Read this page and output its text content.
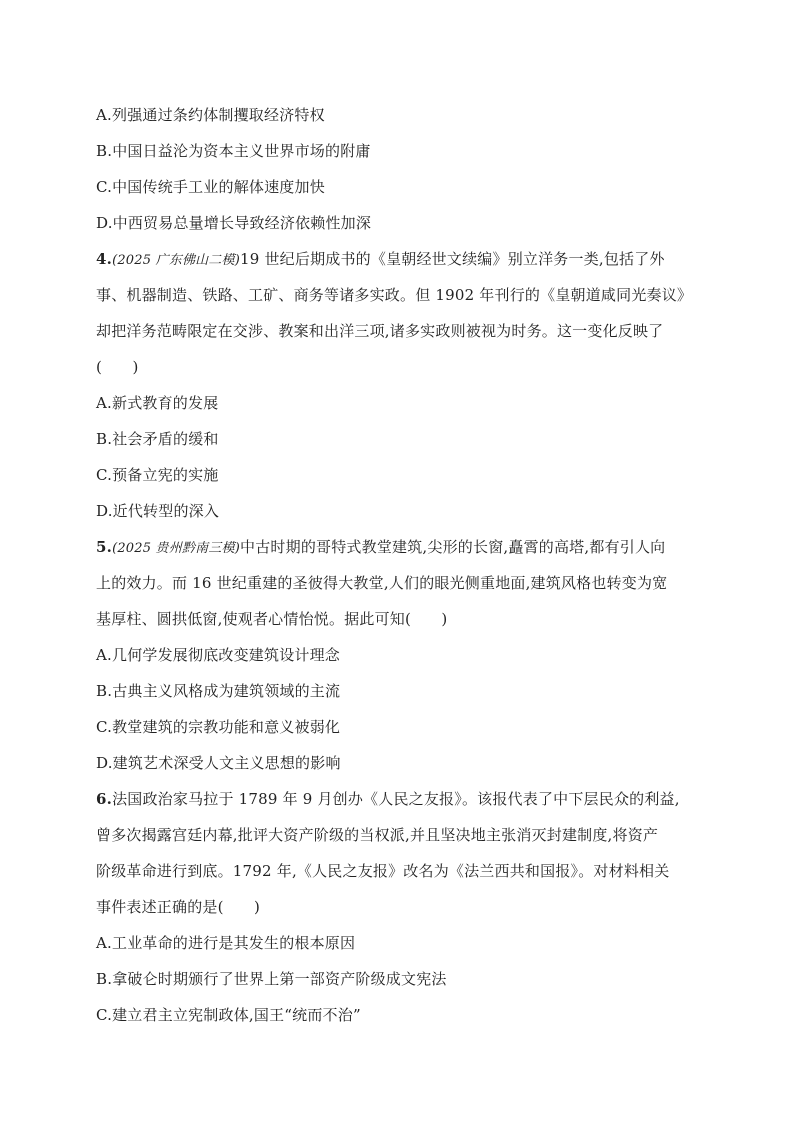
A.列强通过条约体制攫取经济特权
B.中国日益沦为资本主义世界市场的附庸
C.中国传统手工业的解体速度加快
D.中西贸易总量增长导致经济依赖性加深
4.(2025 广东佛山二模)19 世纪后期成书的《皇朝经世文续编》别立洋务一类,包括了外
事、机器制造、铁路、工矿、商务等诸多实政。但 1902 年刊行的《皇朝道咸同光奏议》
却把洋务范畴限定在交涉、教案和出洋三项,诸多实政则被视为时务。这一变化反映了
(　　)
A.新式教育的发展
B.社会矛盾的缓和
C.预备立宪的实施
D.近代转型的深入
5.(2025 贵州黔南三模)中古时期的哥特式教堂建筑,尖形的长窗,矗霄的高塔,都有引人向
上的效力。而 16 世纪重建的圣彼得大教堂,人们的眼光侧重地面,建筑风格也转变为宽
基厚柱、圆拱低窗,使观者心情怡悦。据此可知(　　)
A.几何学发展彻底改变建筑设计理念
B.古典主义风格成为建筑领域的主流
C.教堂建筑的宗教功能和意义被弱化
D.建筑艺术深受人文主义思想的影响
6.法国政治家马拉于 1789 年 9 月创办《人民之友报》。该报代表了中下层民众的利益,
曾多次揭露宫廷内幕,批评大资产阶级的当权派,并且坚决地主张消灭封建制度,将资产
阶级革命进行到底。1792 年,《人民之友报》改名为《法兰西共和国报》。对材料相关
事件表述正确的是(　　)
A.工业革命的进行是其发生的根本原因
B.拿破仑时期颁行了世界上第一部资产阶级成文宪法
C.建立君主立宪制政体,国王“统而不治”
